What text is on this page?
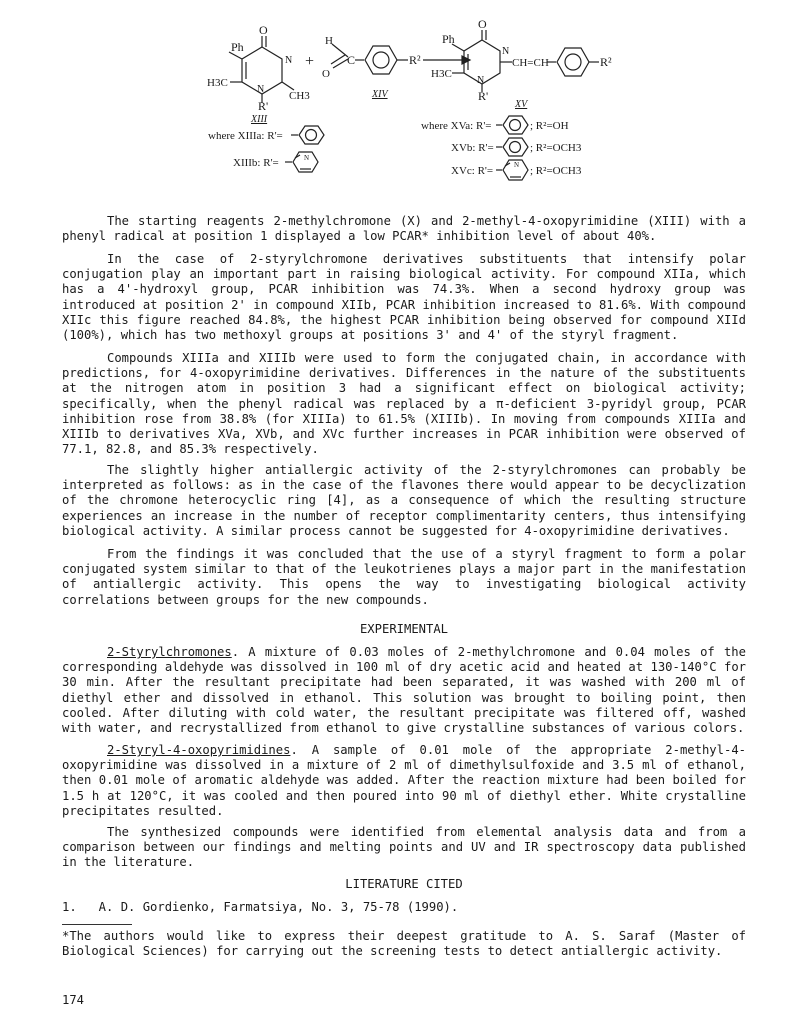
Ph
O
N
H3C
CH3
N
R'
+
H
C
O
R²
Ph
O
N
CH=CH	R²
H3C
N
R'
XIII
XIV
XV
where XIIIa: R'=
XIIIb: R'=	N
where XVa: R'=	; R²=OH
XVb: R'=	; R²=OCH3
XVc: R'=	; R²=OCH3
N

The starting reagents 2-methylchromone (X) and 2-methyl-4-oxopyrimidine (XIII) with a phenyl radical at position 1 displayed a low PCAR* inhibition level of about 40%.

In the case of 2-styrylchromone derivatives substituents that intensify polar conjugation play an important part in raising biological activity. For compound XIIa, which has a 4'-hydroxyl group, PCAR inhibition was 74.3%. When a second hydroxy group was introduced at position 2' in compound XIIb, PCAR inhibition increased to 81.6%. With compound XIIc this figure reached 84.8%, the highest PCAR inhibition being observed for compound XIId (100%), which has two methoxyl groups at positions 3' and 4' of the styryl fragment.

Compounds XIIIa and XIIIb were used to form the conjugated chain, in accordance with predictions, for 4-oxopyrimidine derivatives. Differences in the nature of the substituents at the nitrogen atom in position 3 had a significant effect on biological activity; specifically, when the phenyl radical was replaced by a π-deficient 3-pyridyl group, PCAR inhibition rose from 38.8% (for XIIIa) to 61.5% (XIIIb). In moving from compounds XIIIa and XIIIb to derivatives XVa, XVb, and XVc further increases in PCAR inhibition were observed of 77.1, 82.8, and 85.3% respectively.

The slightly higher antiallergic activity of the 2-styrylchromones can probably be interpreted as follows: as in the case of the flavones there would appear to be decyclization of the chromone heterocyclic ring [4], as a consequence of which the resulting structure experiences an increase in the number of receptor complimentarity centers, thus intensifying biological activity. A similar process cannot be suggested for 4-oxopyrimidine derivatives.

From the findings it was concluded that the use of a styryl fragment to form a polar conjugated system similar to that of the leukotrienes plays a major part in the manifestation of antiallergic activity. This opens the way to investigating biological activity correlations between groups for the new compounds.

EXPERIMENTAL

2-Styrylchromones. A mixture of 0.03 moles of 2-methylchromone and 0.04 moles of the corresponding aldehyde was dissolved in 100 ml of dry acetic acid and heated at 130-140°C for 30 min. After the resultant precipitate had been separated, it was washed with 200 ml of diethyl ether and dissolved in ethanol. This solution was brought to boiling point, then cooled. After diluting with cold water, the resultant precipitate was filtered off, washed with water, and recrystallized from ethanol to give crystalline substances of various colors.

2-Styryl-4-oxopyrimidines. A sample of 0.01 mole of the appropriate 2-methyl-4-oxopyrimidine was dissolved in a mixture of 2 ml of dimethylsulfoxide and 3.5 ml of ethanol, then 0.01 mole of aromatic aldehyde was added. After the reaction mixture had been boiled for 1.5 h at 120°C, it was cooled and then poured into 90 ml of diethyl ether. White crystalline precipitates resulted.

The synthesized compounds were identified from elemental analysis data and from a comparison between our findings and melting points and UV and IR spectroscopy data published in the literature.

LITERATURE CITED
1.   A. D. Gordienko, Farmatsiya, No. 3, 75-78 (1990).
*The authors would like to express their deepest gratitude to A. S. Saraf (Master of Biological Sciences) for carrying out the screening tests to detect antiallergic activity.
174
